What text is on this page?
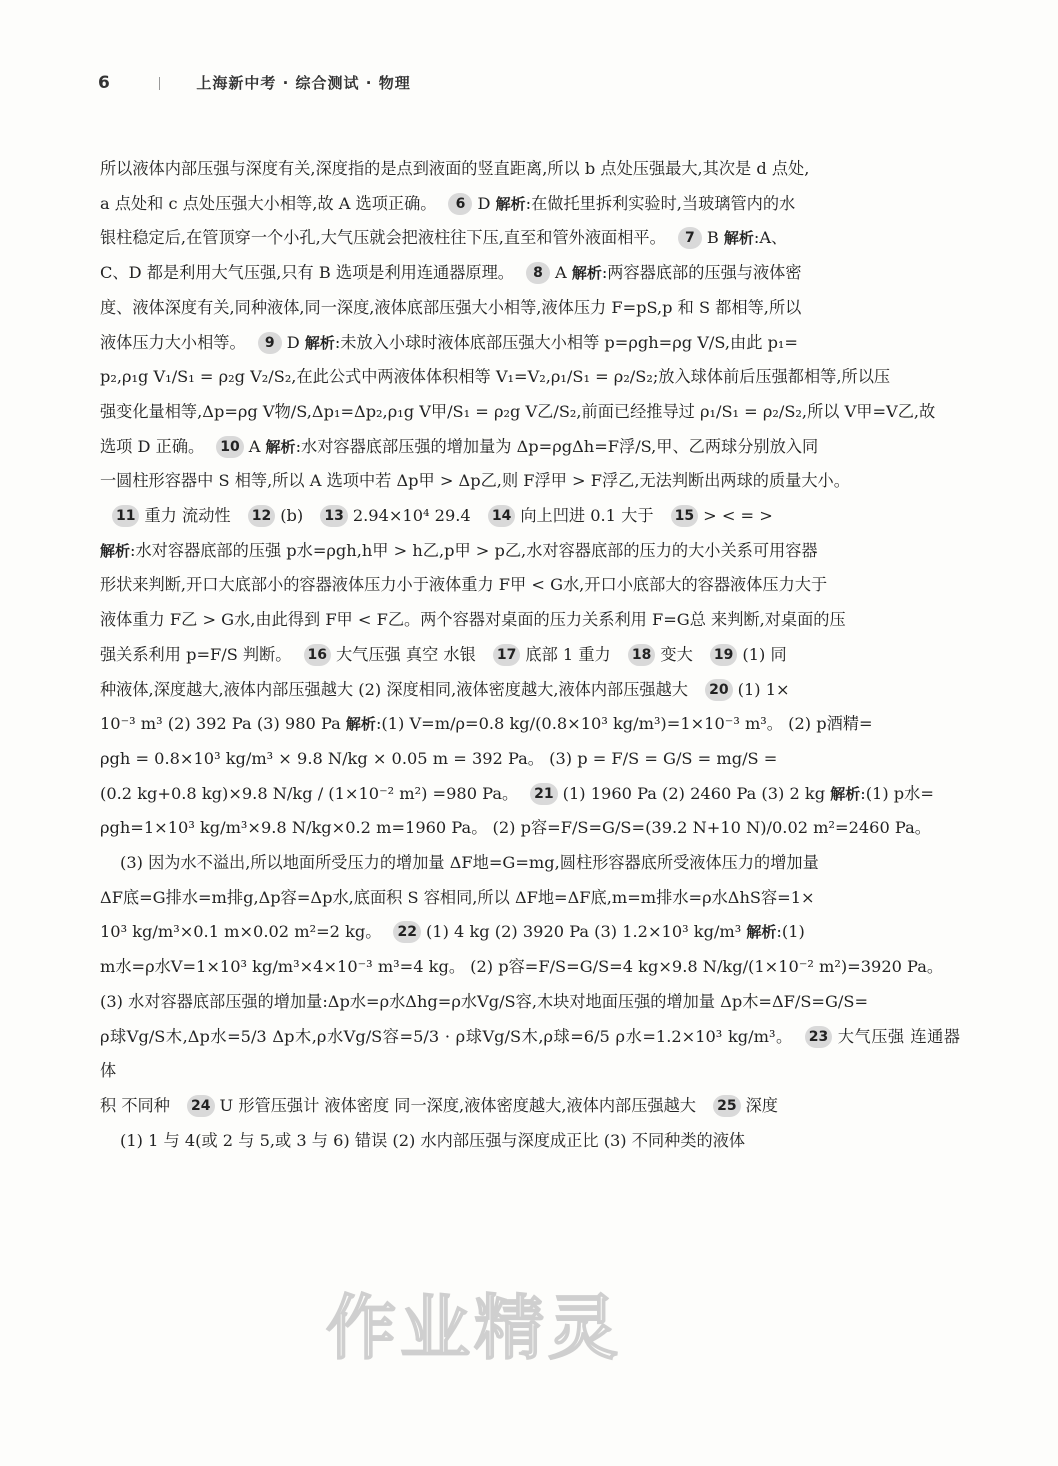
6	上海新中考 · 综合测试 · 物理

所以液体内部压强与深度有关,深度指的是点到液面的竖直距离,所以 b 点处压强最大,其次是 d 点处,

a 点处和 c 点处压强大小相等,故 A 选项正确。 6 D 解析:在做托里拆利实验时,当玻璃管内的水

银柱稳定后,在管顶穿一个小孔,大气压就会把液柱往下压,直至和管外液面相平。 7 B 解析:A、

C、D 都是利用大气压强,只有 B 选项是利用连通器原理。 8 A 解析:两容器底部的压强与液体密

度、液体深度有关,同种液体,同一深度,液体底部压强大小相等,液体压力 F=pS,p 和 S 都相等,所以

液体压力大小相等。 9 D 解析:未放入小球时液体底部压强大小相等 p=ρgh=ρg V/S,由此 p₁=

p₂,ρ₁g V₁/S₁ = ρ₂g V₂/S₂,在此公式中两液体体积相等 V₁=V₂,ρ₁/S₁ = ρ₂/S₂;放入球体前后压强都相等,所以压

强变化量相等,Δp=ρg V物/S,Δp₁=Δp₂,ρ₁g V甲/S₁ = ρ₂g V乙/S₂,前面已经推导过 ρ₁/S₁ = ρ₂/S₂,所以 V甲=V乙,故

选项 D 正确。 10 A 解析:水对容器底部压强的增加量为 Δp=ρgΔh=F浮/S,甲、乙两球分别放入同

一圆柱形容器中 S 相等,所以 A 选项中若 Δp甲 > Δp乙,则 F浮甲 > F浮乙,无法判断出两球的质量大小。

11 重力 流动性 12 (b) 13 2.94×10⁴ 29.4 14 向上凹进 0.1 大于 15 > < = >

解析:水对容器底部的压强 p水=ρgh,h甲 > h乙,p甲 > p乙,水对容器底部的压力的大小关系可用容器

形状来判断,开口大底部小的容器液体压力小于液体重力 F甲 < G水,开口小底部大的容器液体压力大于

液体重力 F乙 > G水,由此得到 F甲 < F乙。两个容器对桌面的压力关系利用 F=G总 来判断,对桌面的压

强关系利用 p=F/S 判断。 16 大气压强 真空 水银 17 底部 1 重力 18 变大 19 (1) 同

种液体,深度越大,液体内部压强越大 (2) 深度相同,液体密度越大,液体内部压强越大 20 (1) 1×

10⁻³ m³ (2) 392 Pa (3) 980 Pa 解析:(1) V=m/ρ=0.8 kg/(0.8×10³ kg/m³)=1×10⁻³ m³。 (2) p酒精=

ρgh = 0.8×10³ kg/m³ × 9.8 N/kg × 0.05 m = 392 Pa。 (3) p = F/S = G/S = mg/S =

(0.2 kg+0.8 kg)×9.8 N/kg / (1×10⁻² m²) =980 Pa。 21 (1) 1960 Pa (2) 2460 Pa (3) 2 kg 解析:(1) p水=

ρgh=1×10³ kg/m³×9.8 N/kg×0.2 m=1960 Pa。 (2) p容=F/S=G/S=(39.2 N+10 N)/0.02 m²=2460 Pa。

(3) 因为水不溢出,所以地面所受压力的增加量 ΔF地=G=mg,圆柱形容器底所受液体压力的增加量

ΔF底=G排水=m排g,Δp容=Δp水,底面积 S 容相同,所以 ΔF地=ΔF底,m=m排水=ρ水ΔhS容=1×

10³ kg/m³×0.1 m×0.02 m²=2 kg。 22 (1) 4 kg (2) 3920 Pa (3) 1.2×10³ kg/m³ 解析:(1)

m水=ρ水V=1×10³ kg/m³×4×10⁻³ m³=4 kg。 (2) p容=F/S=G/S=4 kg×9.8 N/kg/(1×10⁻² m²)=3920 Pa。

(3) 水对容器底部压强的增加量:Δp水=ρ水Δhg=ρ水Vg/S容,木块对地面压强的增加量 Δp木=ΔF/S=G/S=

ρ球Vg/S木,Δp水=5/3 Δp木,ρ水Vg/S容=5/3 · ρ球Vg/S木,ρ球=6/5 ρ水=1.2×10³ kg/m³。 23 大气压强 连通器 体

积 不同种 24 U 形管压强计 液体密度 同一深度,液体密度越大,液体内部压强越大 25 深度

(1) 1 与 4(或 2 与 5,或 3 与 6) 错误 (2) 水内部压强与深度成正比 (3) 不同种类的液体

作业精灵
